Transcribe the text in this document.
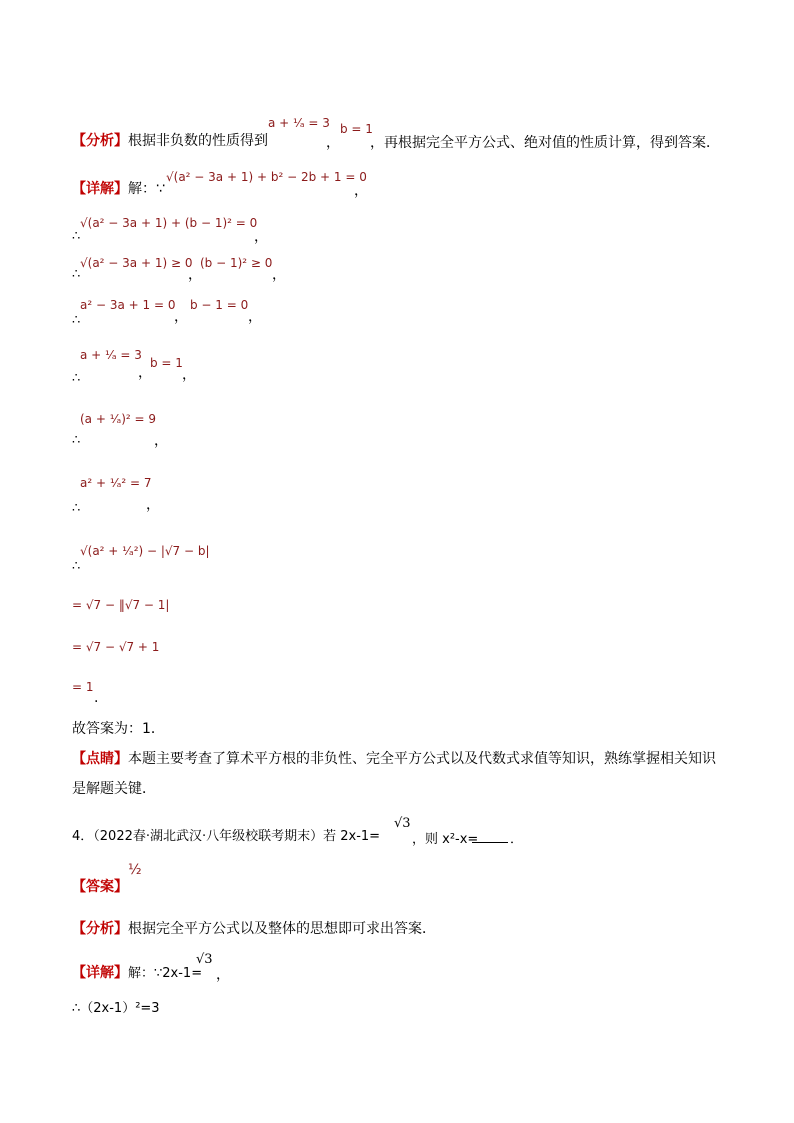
【分析】根据非负数的性质得到
a + ¹⁄ₐ = 3
，
b = 1
，再根据完全平方公式、绝对值的性质计算，得到答案．
【详解】解：∵
√(a² − 3a + 1) + b² − 2b + 1 = 0
，
∴
√(a² − 3a + 1) + (b − 1)² = 0
，
∴
√(a² − 3a + 1) ≥ 0
，
(b − 1)² ≥ 0
，
∴
a² − 3a + 1 = 0
，
b − 1 = 0
，
∴
a + ¹⁄ₐ = 3
，
b = 1
，
∴
(a + ¹⁄ₐ)² = 9
，
∴
a² + ¹⁄ₐ² = 7
，
∴
√(a² + ¹⁄ₐ²) − |√7 − b|
= √7 − ‖√7 − 1|
= √7 − √7 + 1
= 1
.
故答案为：1．
【点睛】本题主要考查了算术平方根的非负性、完全平方公式以及代数式求值等知识，熟练掌握相关知识
是解题关键．
4．（2022春·湖北武汉·八年级校联考期末）若 2x-1=
√3
，则 x²-x= ．
【答案】
½
【分析】根据完全平方公式以及整体的思想即可求出答案．
【详解】解：∵2x-1=
√3
，
∴（2x-1）²=3
